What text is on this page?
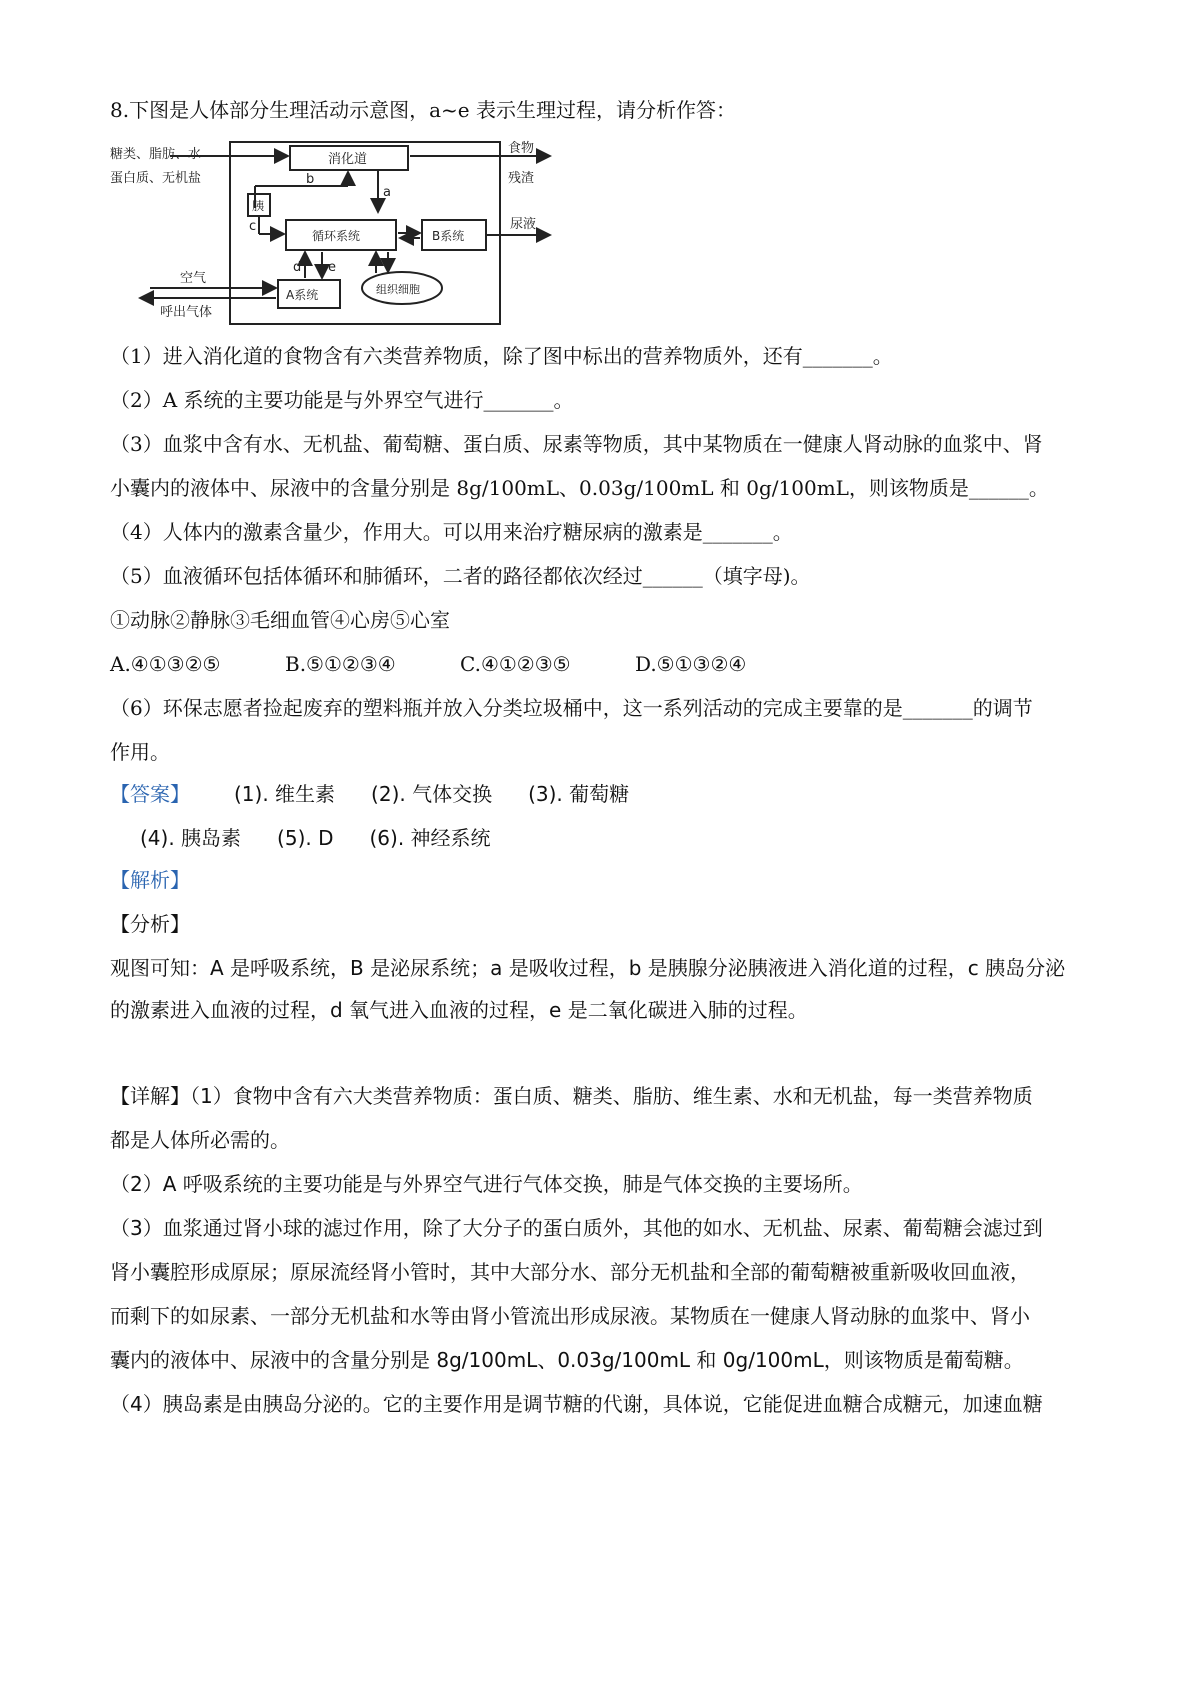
8.下图是人体部分生理活动示意图，a~e 表示生理过程，请分析作答：
糖类、脂肪、水
蛋白质、无机盐
消化道
食物
残渣
胰
a
b
c
d e
循环系统	B系统
尿液
空气
呼出气体
A系统	组织细胞
（1）进入消化道的食物含有六类营养物质，除了图中标出的营养物质外，还有_______。
（2）A 系统的主要功能是与外界空气进行_______。
（3）血浆中含有水、无机盐、葡萄糖、蛋白质、尿素等物质，其中某物质在一健康人肾动脉的血浆中、肾
小囊内的液体中、尿液中的含量分别是 8g/100mL、0.03g/100mL 和 0g/100mL，则该物质是______。
（4）人体内的激素含量少，作用大。可以用来治疗糖尿病的激素是_______。
（5）血液循环包括体循环和肺循环，二者的路径都依次经过______（填字母)。
①动脉②静脉③毛细血管④心房⑤心室
A.④①③②⑤	B.⑤①②③④	C.④①②③⑤	D.⑤①③②④
（6）环保志愿者捡起废弃的塑料瓶并放入分类垃圾桶中，这一系列活动的完成主要靠的是_______的调节
作用。
【答案】 (1). 维生素 (2). 气体交换 (3). 葡萄糖
(4). 胰岛素 (5). D (6). 神经系统
【解析】
【分析】
观图可知：A 是呼吸系统，B 是泌尿系统；a 是吸收过程，b 是胰腺分泌胰液进入消化道的过程，c 胰岛分泌
的激素进入血液的过程，d 氧气进入血液的过程，e 是二氧化碳进入肺的过程。
【详解】（1）食物中含有六大类营养物质：蛋白质、糖类、脂肪、维生素、水和无机盐，每一类营养物质
都是人体所必需的。
（2）A 呼吸系统的主要功能是与外界空气进行气体交换，肺是气体交换的主要场所。
（3）血浆通过肾小球的滤过作用，除了大分子的蛋白质外，其他的如水、无机盐、尿素、葡萄糖会滤过到
肾小囊腔形成原尿；原尿流经肾小管时，其中大部分水、部分无机盐和全部的葡萄糖被重新吸收回血液，
而剩下的如尿素、一部分无机盐和水等由肾小管流出形成尿液。某物质在一健康人肾动脉的血浆中、肾小
囊内的液体中、尿液中的含量分别是 8g/100mL、0.03g/100mL 和 0g/100mL，则该物质是葡萄糖。
（4）胰岛素是由胰岛分泌的。它的主要作用是调节糖的代谢，具体说，它能促进血糖合成糖元，加速血糖
